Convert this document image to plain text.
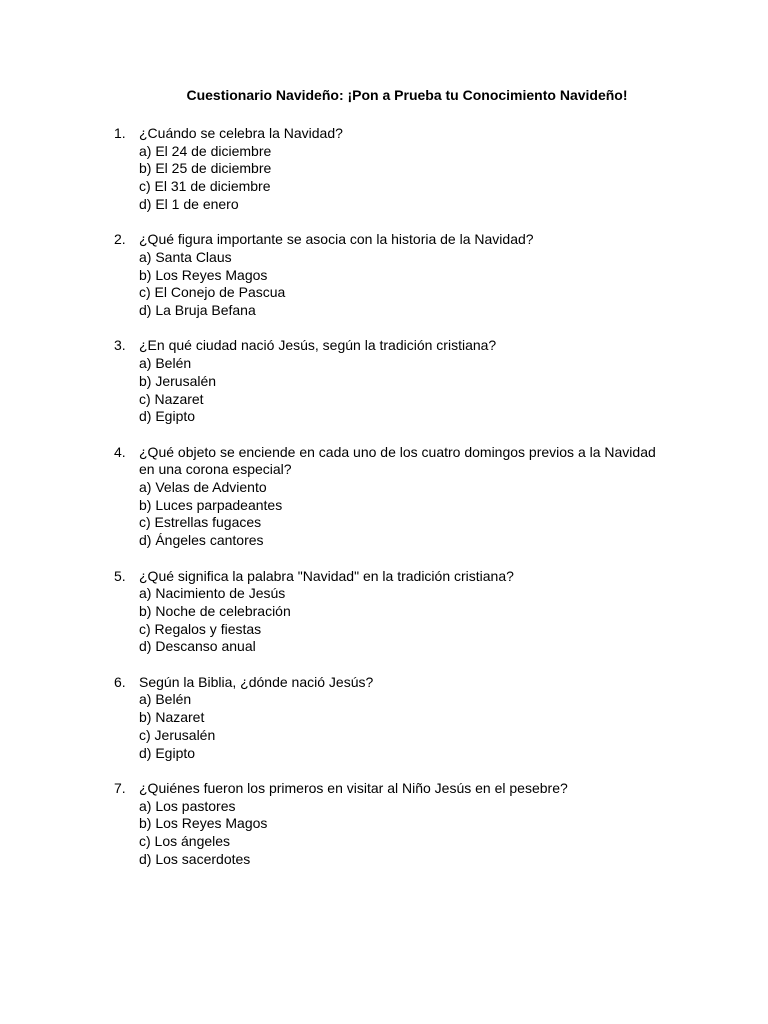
Cuestionario Navideño: ¡Pon a Prueba tu Conocimiento Navideño!
1. ¿Cuándo se celebra la Navidad?
a) El 24 de diciembre
b) El 25 de diciembre
c) El 31 de diciembre
d) El 1 de enero
2. ¿Qué figura importante se asocia con la historia de la Navidad?
a) Santa Claus
b) Los Reyes Magos
c) El Conejo de Pascua
d) La Bruja Befana
3. ¿En qué ciudad nació Jesús, según la tradición cristiana?
a) Belén
b) Jerusalén
c) Nazaret
d) Egipto
4. ¿Qué objeto se enciende en cada uno de los cuatro domingos previos a la Navidad en una corona especial?
a) Velas de Adviento
b) Luces parpadeantes
c) Estrellas fugaces
d) Ángeles cantores
5. ¿Qué significa la palabra "Navidad" en la tradición cristiana?
a) Nacimiento de Jesús
b) Noche de celebración
c) Regalos y fiestas
d) Descanso anual
6. Según la Biblia, ¿dónde nació Jesús?
a) Belén
b) Nazaret
c) Jerusalén
d) Egipto
7. ¿Quiénes fueron los primeros en visitar al Niño Jesús en el pesebre?
a) Los pastores
b) Los Reyes Magos
c) Los ángeles
d) Los sacerdotes
